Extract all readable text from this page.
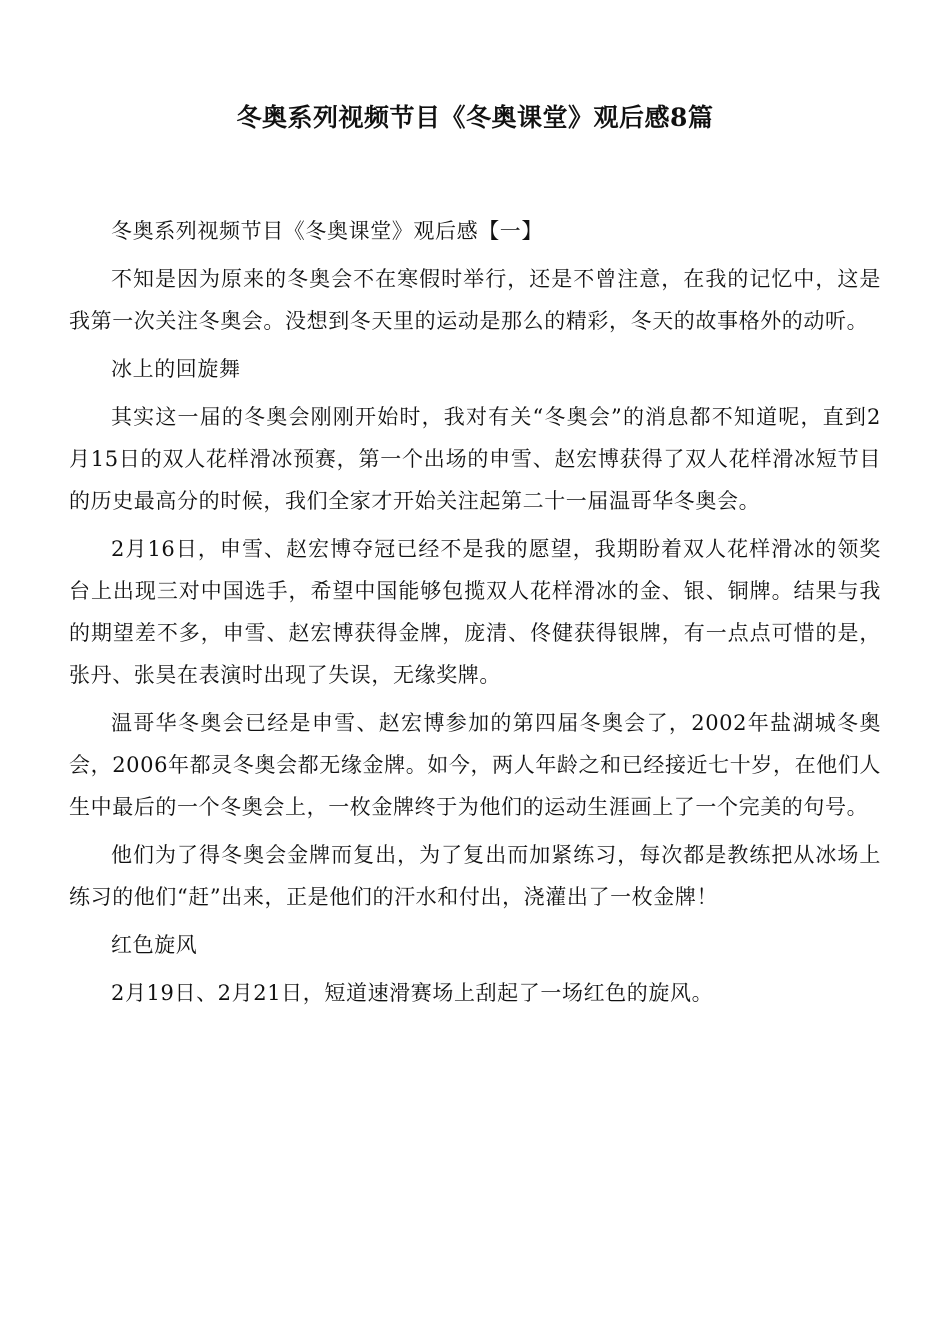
冬奥系列视频节目《冬奥课堂》观后感8篇

冬奥系列视频节目《冬奥课堂》观后感【一】

不知是因为原来的冬奥会不在寒假时举行，还是不曾注意，在我的记忆中，这是我第一次关注冬奥会。没想到冬天里的运动是那么的精彩，冬天的故事格外的动听。

冰上的回旋舞

其实这一届的冬奥会刚刚开始时，我对有关“冬奥会”的消息都不知道呢，直到2月15日的双人花样滑冰预赛，第一个出场的申雪、赵宏博获得了双人花样滑冰短节目的历史最高分的时候，我们全家才开始关注起第二十一届温哥华冬奥会。

2月16日，申雪、赵宏博夺冠已经不是我的愿望，我期盼着双人花样滑冰的领奖台上出现三对中国选手，希望中国能够包揽双人花样滑冰的金、银、铜牌。结果与我的期望差不多，申雪、赵宏博获得金牌，庞清、佟健获得银牌，有一点点可惜的是，张丹、张昊在表演时出现了失误，无缘奖牌。

温哥华冬奥会已经是申雪、赵宏博参加的第四届冬奥会了，2002年盐湖城冬奥会，2006年都灵冬奥会都无缘金牌。如今，两人年龄之和已经接近七十岁，在他们人生中最后的一个冬奥会上，一枚金牌终于为他们的运动生涯画上了一个完美的句号。

他们为了得冬奥会金牌而复出，为了复出而加紧练习，每次都是教练把从冰场上练习的他们“赶”出来，正是他们的汗水和付出，浇灌出了一枚金牌！

红色旋风

2月19日、2月21日，短道速滑赛场上刮起了一场红色的旋风。
